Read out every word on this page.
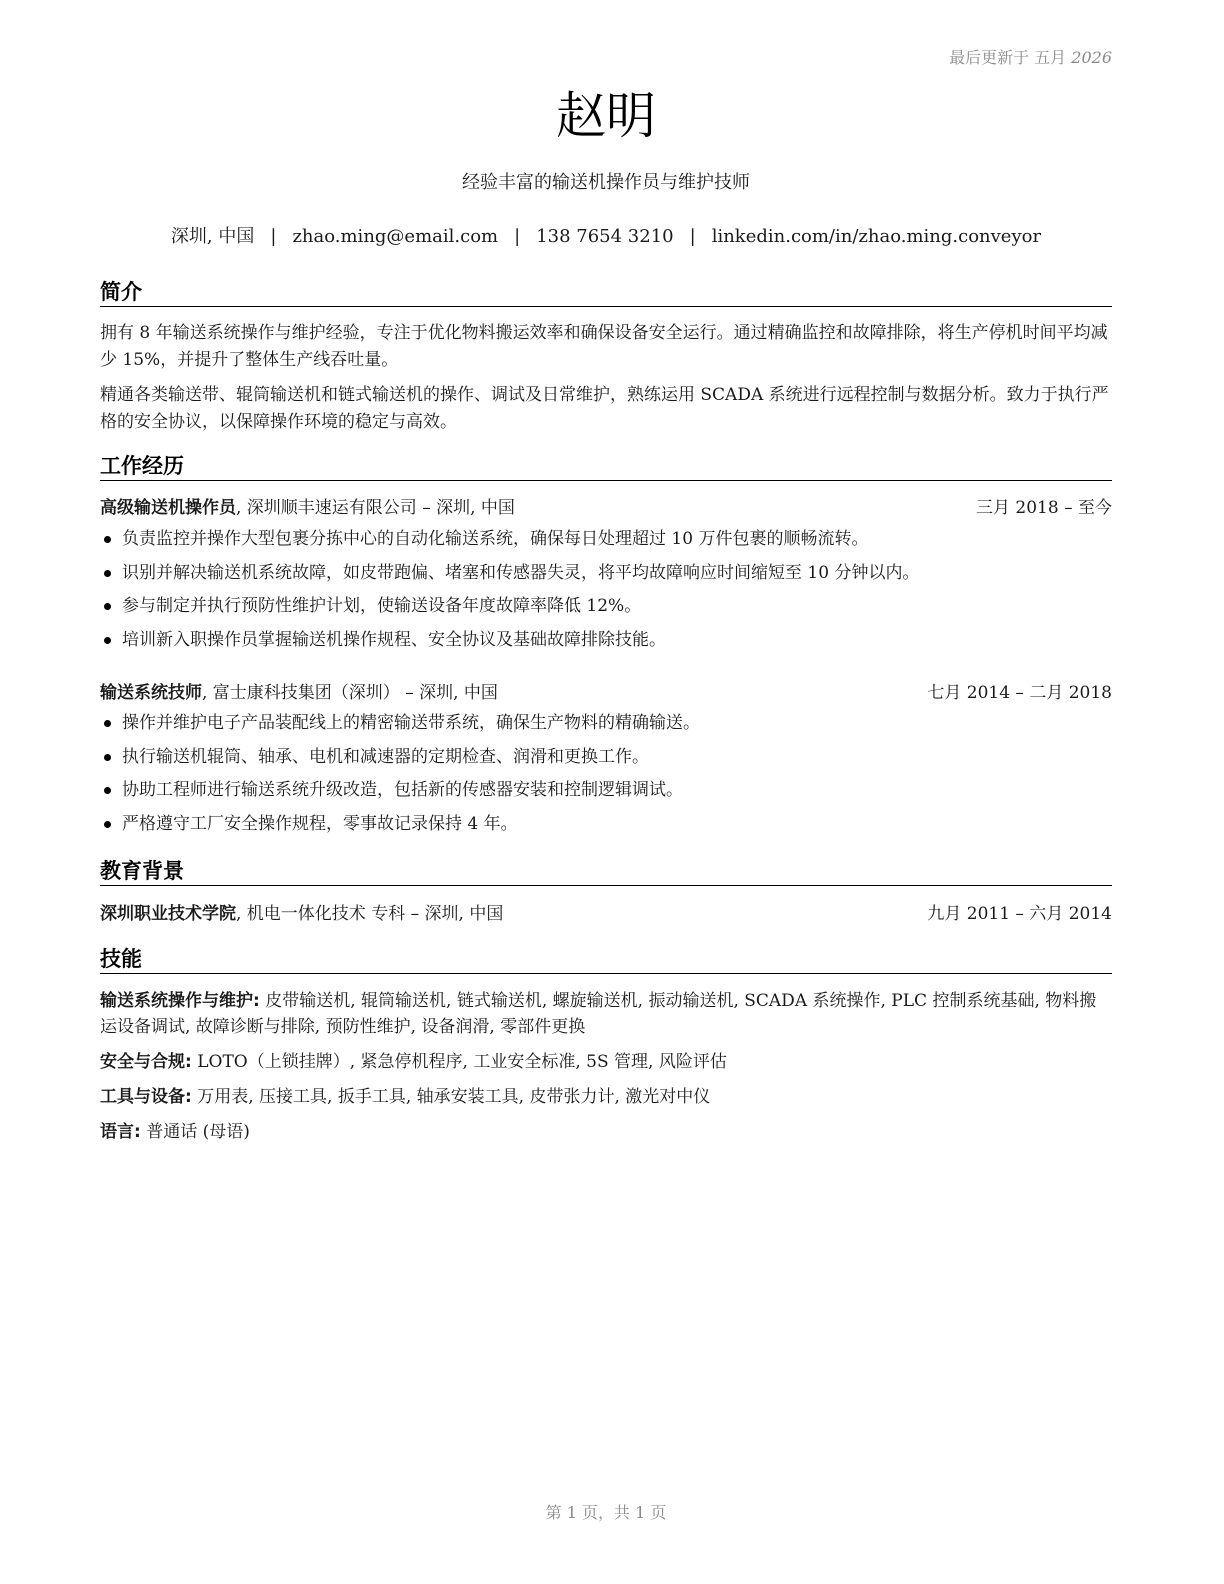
最后更新于 五月 2026
赵明
经验丰富的输送机操作员与维护技师
深圳, 中国 | zhao.ming@email.com | 138 7654 3210 | linkedin.com/in/zhao.ming.conveyor
简介
拥有 8 年输送系统操作与维护经验，专注于优化物料搬运效率和确保设备安全运行。通过精确监控和故障排除，将生产停机时间平均减少 15%，并提升了整体生产线吞吐量。
精通各类输送带、辊筒输送机和链式输送机的操作、调试及日常维护，熟练运用 SCADA 系统进行远程控制与数据分析。致力于执行严格的安全协议，以保障操作环境的稳定与高效。
工作经历
高级输送机操作员, 深圳顺丰速运有限公司 – 深圳, 中国	三月 2018 – 至今
负责监控并操作大型包裹分拣中心的自动化输送系统，确保每日处理超过 10 万件包裹的顺畅流转。
识别并解决输送机系统故障，如皮带跑偏、堵塞和传感器失灵，将平均故障响应时间缩短至 10 分钟以内。
参与制定并执行预防性维护计划，使输送设备年度故障率降低 12%。
培训新入职操作员掌握输送机操作规程、安全协议及基础故障排除技能。
输送系统技师, 富士康科技集团（深圳） – 深圳, 中国	七月 2014 – 二月 2018
操作并维护电子产品装配线上的精密输送带系统，确保生产物料的精确输送。
执行输送机辊筒、轴承、电机和减速器的定期检查、润滑和更换工作。
协助工程师进行输送系统升级改造，包括新的传感器安装和控制逻辑调试。
严格遵守工厂安全操作规程，零事故记录保持 4 年。
教育背景
深圳职业技术学院, 机电一体化技术 专科 – 深圳, 中国	九月 2011 – 六月 2014
技能
输送系统操作与维护: 皮带输送机, 辊筒输送机, 链式输送机, 螺旋输送机, 振动输送机, SCADA 系统操作, PLC 控制系统基础, 物料搬运设备调试, 故障诊断与排除, 预防性维护, 设备润滑, 零部件更换
安全与合规: LOTO（上锁挂牌）, 紧急停机程序, 工业安全标准, 5S 管理, 风险评估
工具与设备: 万用表, 压接工具, 扳手工具, 轴承安装工具, 皮带张力计, 激光对中仪
语言: 普通话 (母语)
第 1 页，共 1 页
